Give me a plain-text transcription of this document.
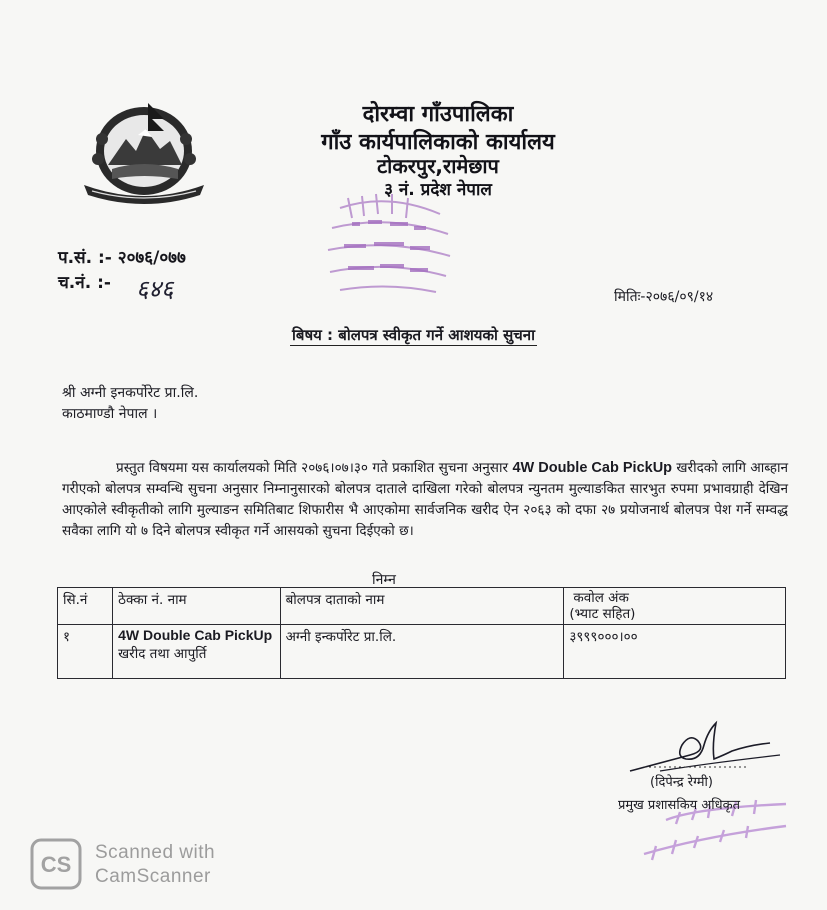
दोरम्वा गाँउपालिका
गाँउ कार्यपालिकाको कार्यालय
टोकरपुर,रामेछाप
३ नं. प्रदेश नेपाल
प.सं. :- २०७६/०७७
च.नं. :- ६४६	मितिः-२०७६/०९/१४
बिषय : बोलपत्र स्वीकृत गर्ने आशयको सुचना
श्री अग्नी इनकर्पोरेट प्रा.लि.
काठमाण्डौ नेपाल ।
प्रस्तुत विषयमा यस कार्यालयको मिति २०७६।०७।३० गते प्रकाशित सुचना अनुसार 4W Double Cab PickUp खरीदको लागि आब्हान गरीएको बोलपत्र सम्वन्धि सुचना अनुसार निम्नानुसारको बोलपत्र दाताले दाखिला गरेको बोलपत्र न्युनतम मुल्याङकित सारभुत रुपमा प्रभावग्राही देखिन आएकोले स्वीकृतीको लागि मुल्याङन समितिबाट शिफारीस भै आएकोमा सार्वजनिक खरीद ऐन २०६३ को दफा २७ प्रयोजनार्थ बोलपत्र पेश गर्ने सम्वद्ध सवैका लागि यो ७ दिने बोलपत्र स्वीकृत गर्ने आसयको सुचना दिईएको छ।
निम्न
सि.नं	ठेक्का नं. नाम	बोलपत्र दाताको नाम	कवोल अंक
(भ्याट सहित)

१	4W Double Cab PickUp खरीद तथा आपुर्ति	अग्नी इन्कर्पोरेट प्रा.लि.	३९९९०००।००
(दिपेन्द्र रेग्मी)
प्रमुख प्रशासकिय अधिकृत
CS Scanned with
CamScanner
